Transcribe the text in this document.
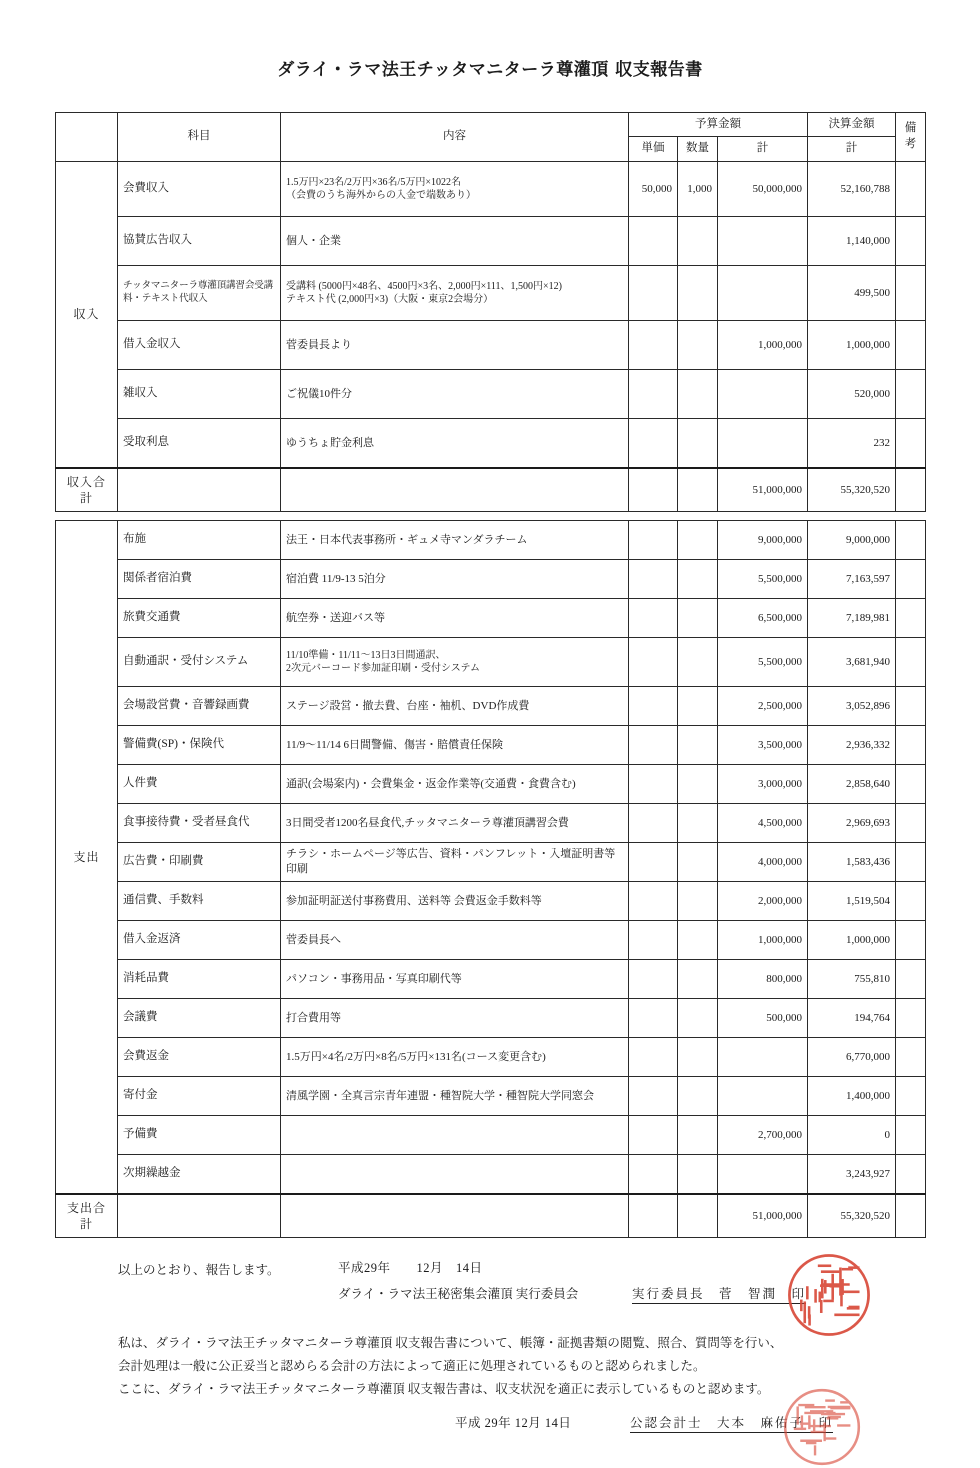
ダライ・ラマ法王チッタマニターラ尊灌頂 収支報告書
	科目	内容	予算金額			決算金額	備考
			単価	数量	計	計	
収入	会費収入	1.5万円×23名/2万円×36名/5万円×1022名
（会費のうち海外からの入金で端数あり）	50,000	1,000	50,000,000	52,160,788	
	協賛広告収入	個人・企業				1,140,000	
	チッタマニターラ尊灌頂講習会受講料・テキスト代収入	受講料 (5000円×48名、4500円×3名、2,000円×111、1,500円×12)
テキスト代 (2,000円×3)（大阪・東京2会場分）				499,500	
	借入金収入	菅委員長より			1,000,000	1,000,000	
	雑収入	ご祝儀10件分				520,000	
	受取利息	ゆうちょ貯金利息				232	
収入合計					51,000,000	55,320,520	
支出	布施	法王・日本代表事務所・ギュメ寺マンダラチーム			9,000,000	9,000,000	
	関係者宿泊費	宿泊費 11/9-13 5泊分			5,500,000	7,163,597	
	旅費交通費	航空券・送迎バス等			6,500,000	7,189,981	
	自動通訳・受付システム	11/10準備・11/11～13日3日間通訳、
2次元バーコード参加証印刷・受付システム			5,500,000	3,681,940	
	会場設営費・音響録画費	ステージ設営・撤去費、台座・袖机、DVD作成費			2,500,000	3,052,896	
	警備費(SP)・保険代	11/9～11/14 6日間警備、傷害・賠償責任保険			3,500,000	2,936,332	
	人件費	通訳(会場案内)・会費集金・返金作業等(交通費・食費含む)			3,000,000	2,858,640	
	食事接待費・受者昼食代	3日間受者1200名昼食代,チッタマニターラ尊灌頂講習会費			4,500,000	2,969,693	
	広告費・印刷費	チラシ・ホームページ等広告、資料・パンフレット・入壇証明書等印刷			4,000,000	1,583,436	
	通信費、手数料	参加証明証送付事務費用、送料等 会費返金手数料等			2,000,000	1,519,504	
	借入金返済	菅委員長へ			1,000,000	1,000,000	
	消耗品費	パソコン・事務用品・写真印刷代等			800,000	755,810	
	会議費	打合費用等			500,000	194,764	
	会費返金	1.5万円×4名/2万円×8名/5万円×131名(コース変更含む)				6,770,000	
	寄付金	清風学園・全真言宗青年連盟・種智院大学・種智院大学同窓会				1,400,000	
	予備費				2,700,000	0	
	次期繰越金					3,243,927	
支出合計					51,000,000	55,320,520	
以上のとおり、報告します。	平成29年　　12月　14日
ダライ・ラマ法王秘密集会灌頂 実行委員会	実行委員長　菅　智潤　印
私は、ダライ・ラマ法王チッタマニターラ尊灌頂 収支報告書について、帳簿・証拠書類の閲覧、照合、質問等を行い、
会計処理は一般に公正妥当と認めらる会計の方法によって適正に処理されているものと認められました。
ここに、ダライ・ラマ法王チッタマニターラ尊灌頂 収支報告書は、収支状況を適正に表示しているものと認めます。
平成 29年 12月 14日	公認会計士　大本　麻佑子　印
